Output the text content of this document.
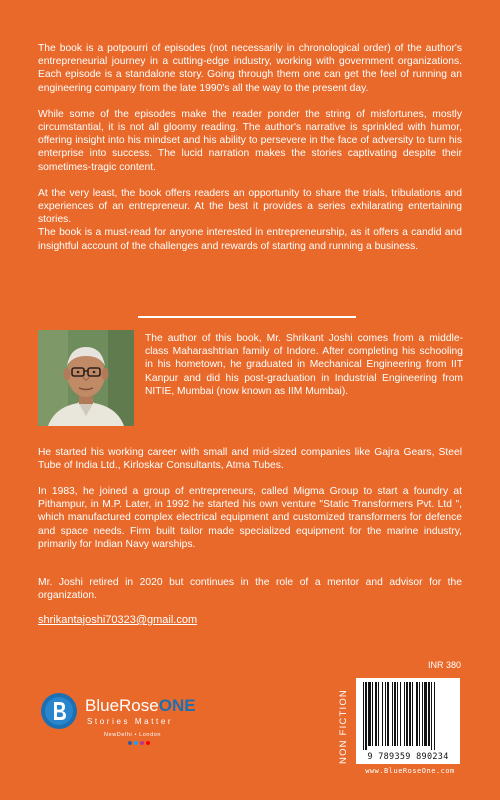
The book is a potpourri of episodes (not necessarily in chronological order) of the author's entrepreneurial journey in a cutting-edge industry, working with government organizations. Each episode is a standalone story. Going through them one can get the feel of running an engineering company from the late 1990's all the way to the present day.

While some of the episodes make the reader ponder the string of misfortunes, mostly circumstantial, it is not all gloomy reading. The author's narrative is sprinkled with humor, offering insight into his mindset and his ability to persevere in the face of adversity to turn his enterprise into success. The lucid narration makes the stories captivating despite their sometimes-tragic content.

At the very least, the book offers readers an opportunity to share the trials, tribulations and experiences of an entrepreneur. At the best it provides a series exhilarating entertaining stories.

The book is a must-read for anyone interested in entrepreneurship, as it offers a candid and insightful account of the challenges and rewards of starting and running a business.

The author of this book, Mr. Shrikant Joshi comes from a middle-class Maharashtrian family of Indore. After completing his schooling in his hometown, he graduated in Mechanical Engineering from IIT Kanpur and did his post-graduation in Industrial Engineering from NITIE, Mumbai (now known as IIM Mumbai).

He started his working career with small and mid-sized companies like Gajra Gears, Steel Tube of India Ltd., Kirloskar Consultants, Atma Tubes.

In 1983, he joined a group of entrepreneurs, called Migma Group to start a foundry at Pithampur, in M.P. Later, in 1992 he started his own venture "Static Transformers Pvt. Ltd ", which manufactured complex electrical equipment and customized transformers for defence and space needs. Firm built tailor made specialized equipment for the marine industry, primarily for Indian Navy warships.

Mr. Joshi retired in 2020 but continues in the role of a mentor and advisor for the organization.

shrikantajoshi70323@gmail.com
BlueRoseONE
Stories Matter
NewDelhi • London
INR 380
NON FICTION	9 789359 890234
www.BlueRoseOne.com
